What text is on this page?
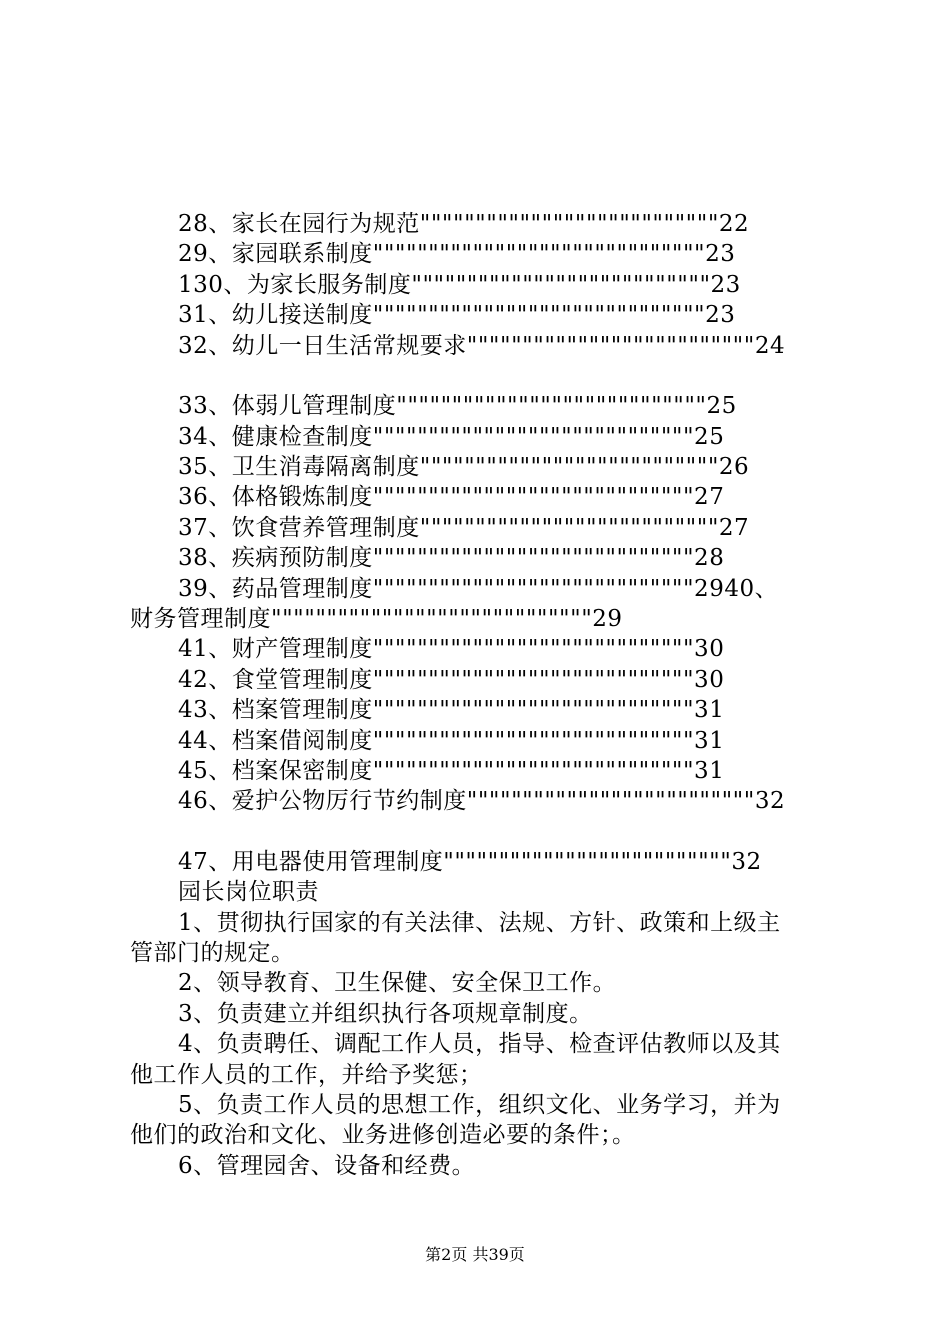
28、家长在园行为规范"""""""""""""""""""""""""""22
29、家园联系制度""""""""""""""""""""""""""""""23
130、为家长服务制度"""""""""""""""""""""""""""23
31、幼儿接送制度""""""""""""""""""""""""""""""23
32、幼儿一日生活常规要求""""""""""""""""""""""""""24
33、体弱儿管理制度""""""""""""""""""""""""""""25
34、健康检查制度"""""""""""""""""""""""""""""25
35、卫生消毒隔离制度"""""""""""""""""""""""""""26
36、体格锻炼制度"""""""""""""""""""""""""""""27
37、饮食营养管理制度"""""""""""""""""""""""""""27
38、疾病预防制度"""""""""""""""""""""""""""""28
39、药品管理制度"""""""""""""""""""""""""""""2940、
财务管理制度"""""""""""""""""""""""""""""29
41、财产管理制度"""""""""""""""""""""""""""""30
42、食堂管理制度"""""""""""""""""""""""""""""30
43、档案管理制度"""""""""""""""""""""""""""""31
44、档案借阅制度"""""""""""""""""""""""""""""31
45、档案保密制度"""""""""""""""""""""""""""""31
46、爱护公物厉行节约制度""""""""""""""""""""""""""32
47、用电器使用管理制度""""""""""""""""""""""""""32
园长岗位职责
1、贯彻执行国家的有关法律、法规、方针、政策和上级主
管部门的规定。
2、领导教育、卫生保健、安全保卫工作。
3、负责建立并组织执行各项规章制度。
4、负责聘任、调配工作人员，指导、检查评估教师以及其
他工作人员的工作，并给予奖惩；
5、负责工作人员的思想工作，组织文化、业务学习，并为
他们的政治和文化、业务进修创造必要的条件；。
6、管理园舍、设备和经费。
第2页 共39页
